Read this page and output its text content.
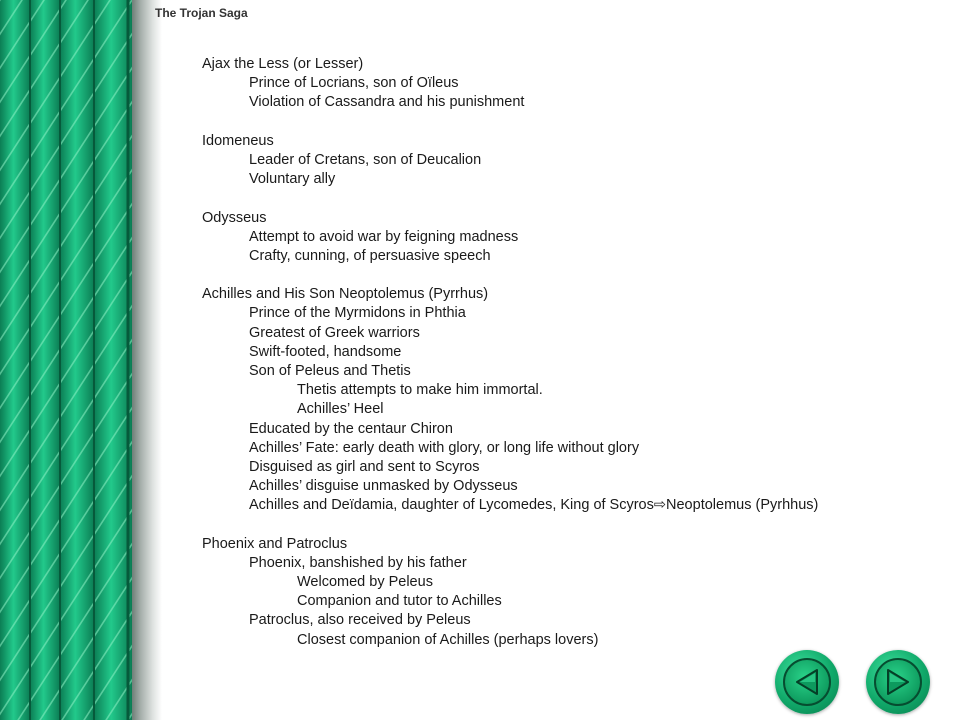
The Trojan Saga
Ajax the Less (or Lesser)
Prince of Locrians, son of Oïleus
Violation of Cassandra and his punishment
Idomeneus
Leader of Cretans, son of Deucalion
Voluntary ally
Odysseus
Attempt to avoid war by feigning madness
Crafty, cunning, of persuasive speech
Achilles and His Son Neoptolemus (Pyrrhus)
Prince of the Myrmidons in Phthia
Greatest of Greek warriors
Swift-footed, handsome
Son of Peleus and Thetis
Thetis attempts to make him immortal.
Achilles’ Heel
Educated by the centaur Chiron
Achilles’ Fate: early death with glory, or long life without glory
Disguised as girl and sent to Scyros
Achilles’ disguise unmasked by Odysseus
Achilles and Deïdamia, daughter of Lycomedes, King of Scyros⇨Neoptolemus (Pyrhhus)
Phoenix and Patroclus
Phoenix, banshished by his father
Welcomed by Peleus
Companion and tutor to Achilles
Patroclus, also received by Peleus
Closest companion of Achilles (perhaps lovers)
